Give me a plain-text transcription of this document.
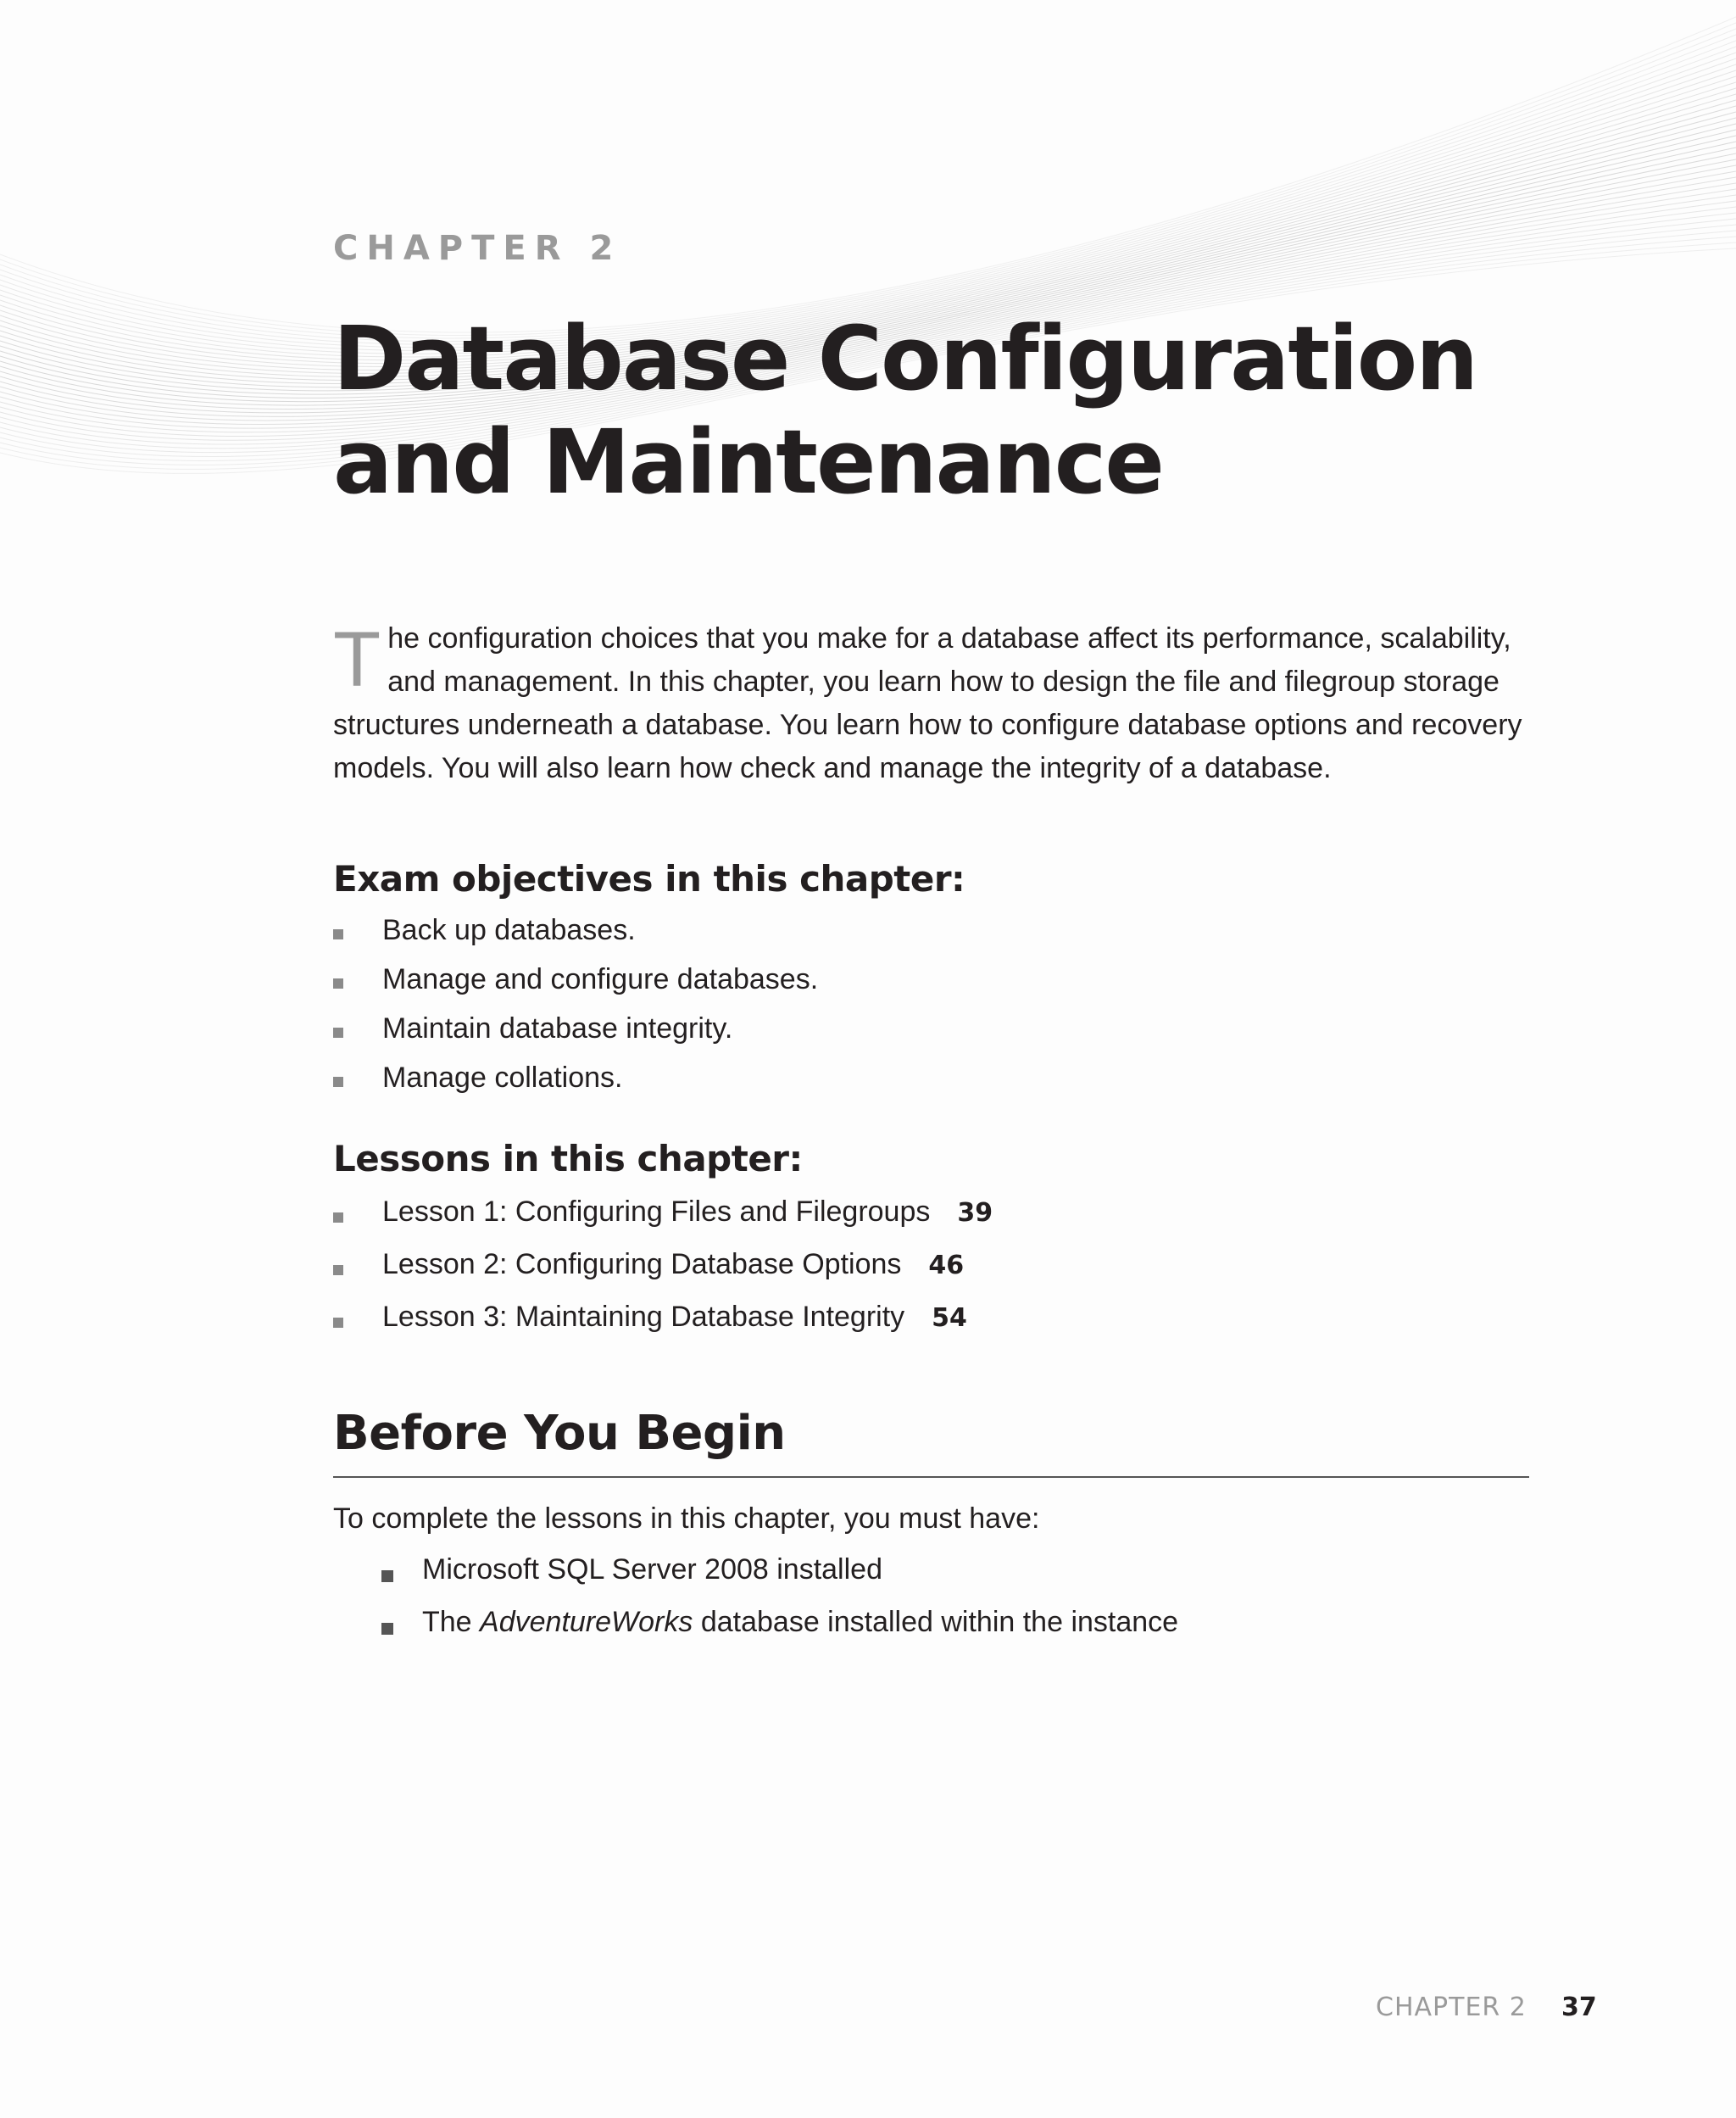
CHAPTER 2
Database Configuration
and Maintenance

The configuration choices that you make for a database affect its performance, scalability, and management. In this chapter, you learn how to design the file and filegroup storage structures underneath a database. You learn how to configure database options and recovery models. You will also learn how check and manage the integrity of a database.

Exam objectives in this chapter:
Back up databases.
Manage and configure databases.
Maintain database integrity.
Manage collations.
Lessons in this chapter:
Lesson 1: Configuring Files and Filegroups 39
Lesson 2: Configuring Database Options 46
Lesson 3: Maintaining Database Integrity 54
Before You Begin

To complete the lessons in this chapter, you must have:

Microsoft SQL Server 2008 installed
The AdventureWorks database installed within the instance
CHAPTER 2 37
